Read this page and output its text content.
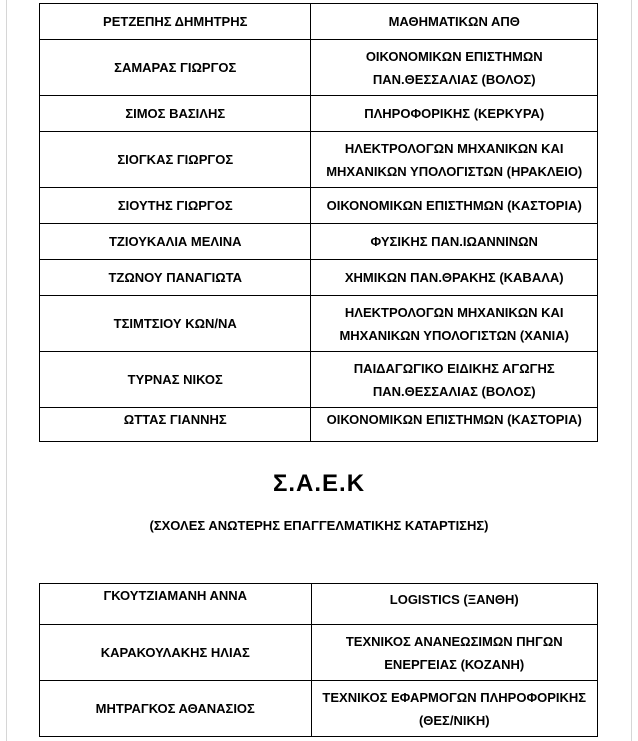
ΡΕΤΖΕΠΗΣ ΔΗΜΗΤΡΗΣ	ΜΑΘΗΜΑΤΙΚΩΝ ΑΠΘ
ΣΑΜΑΡΑΣ ΓΙΩΡΓΟΣ	ΟΙΚΟΝΟΜΙΚΩΝ ΕΠΙΣΤΗΜΩΝ ΠΑΝ.ΘΕΣΣΑΛΙΑΣ (ΒΟΛΟΣ)
ΣΙΜΟΣ ΒΑΣΙΛΗΣ	ΠΛΗΡΟΦΟΡΙΚΗΣ (ΚΕΡΚΥΡΑ)
ΣΙΟΓΚΑΣ ΓΙΩΡΓΟΣ	ΗΛΕΚΤΡΟΛΟΓΩΝ ΜΗΧΑΝΙΚΩΝ ΚΑΙ ΜΗΧΑΝΙΚΩΝ ΥΠΟΛΟΓΙΣΤΩΝ (ΗΡΑΚΛΕΙΟ)
ΣΙΟΥΤΗΣ ΓΙΩΡΓΟΣ	ΟΙΚΟΝΟΜΙΚΩΝ ΕΠΙΣΤΗΜΩΝ (ΚΑΣΤΟΡΙΑ)
ΤΖΙΟΥΚΑΛΙΑ ΜΕΛΙΝΑ	ΦΥΣΙΚΗΣ ΠΑΝ.ΙΩΑΝΝΙΝΩΝ
ΤΖΩΝΟΥ ΠΑΝΑΓΙΩΤΑ	ΧΗΜΙΚΩΝ ΠΑΝ.ΘΡΑΚΗΣ (ΚΑΒΑΛΑ)
ΤΣΙΜΤΣΙΟΥ ΚΩΝ/ΝΑ	ΗΛΕΚΤΡΟΛΟΓΩΝ ΜΗΧΑΝΙΚΩΝ ΚΑΙ ΜΗΧΑΝΙΚΩΝ ΥΠΟΛΟΓΙΣΤΩΝ (ΧΑΝΙΑ)
ΤΥΡΝΑΣ ΝΙΚΟΣ	ΠΑΙΔΑΓΩΓΙΚΟ ΕΙΔΙΚΗΣ ΑΓΩΓΗΣ ΠΑΝ.ΘΕΣΣΑΛΙΑΣ (ΒΟΛΟΣ)
ΩΤΤΑΣ ΓΙΑΝΝΗΣ	ΟΙΚΟΝΟΜΙΚΩΝ ΕΠΙΣΤΗΜΩΝ (ΚΑΣΤΟΡΙΑ)
Σ.Α.Ε.Κ
(ΣΧΟΛΕΣ ΑΝΩΤΕΡΗΣ ΕΠΑΓΓΕΛΜΑΤΙΚΗΣ ΚΑΤΑΡΤΙΣΗΣ)
ΓΚΟΥΤΖΙΑΜΑΝΗ ΑΝΝΑ	LOGISTICS (ΞΑΝΘΗ)
ΚΑΡΑΚΟΥΛΑΚΗΣ ΗΛΙΑΣ	ΤΕΧΝΙΚΟΣ ΑΝΑΝΕΩΣΙΜΩΝ ΠΗΓΩΝ ΕΝΕΡΓΕΙΑΣ (ΚΟΖΑΝΗ)
ΜΗΤΡΑΓΚΟΣ ΑΘΑΝΑΣΙΟΣ	ΤΕΧΝΙΚΟΣ ΕΦΑΡΜΟΓΩΝ ΠΛΗΡΟΦΟΡΙΚΗΣ (ΘΕΣ/ΝΙΚΗ)
